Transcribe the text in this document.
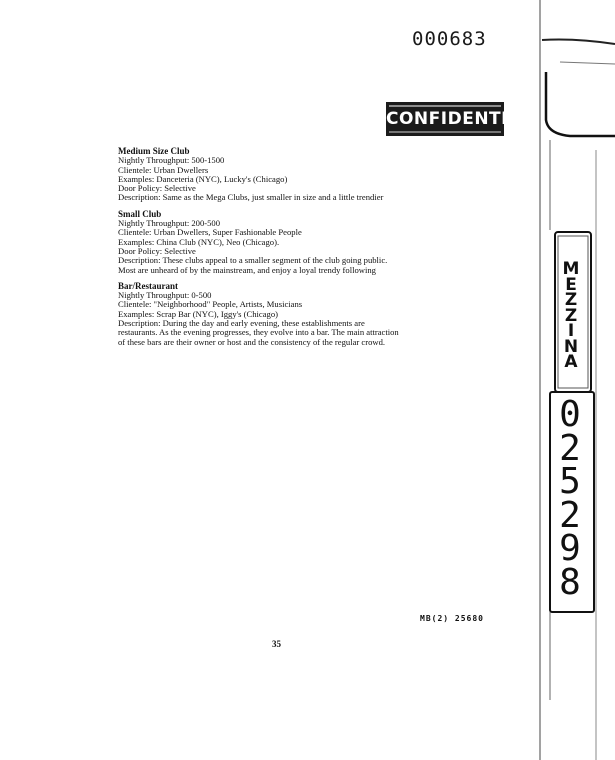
000683
CONFIDENTIAL
Medium Size Club
Nightly Throughput: 500-1500
Clientele: Urban Dwellers
Examples: Danceteria (NYC), Lucky's (Chicago)
Door Policy: Selective
Description: Same as the Mega Clubs, just smaller in size and a little trendier
Small Club
Nightly Throughput: 200-500
Clientele: Urban Dwellers, Super Fashionable People
Examples: China Club (NYC), Neo (Chicago).
Door Policy: Selective
Description: These clubs appeal to a smaller segment of the club going public.
Most are unheard of by the mainstream, and enjoy a loyal trendy following
Bar/Restaurant
Nightly Throughput: 0-500
Clientele: "Neighborhood" People, Artists, Musicians
Examples: Scrap Bar (NYC), Iggy's (Chicago)
Description: During the day and early evening, these establishments are
restaurants. As the evening progresses, they evolve into a bar. The main attraction
of these bars are their owner or host and the consistency of the regular crowd.
MB(2) 25680
35
M
E
Z
Z
I
N
A
0
2
5
2
9
8
